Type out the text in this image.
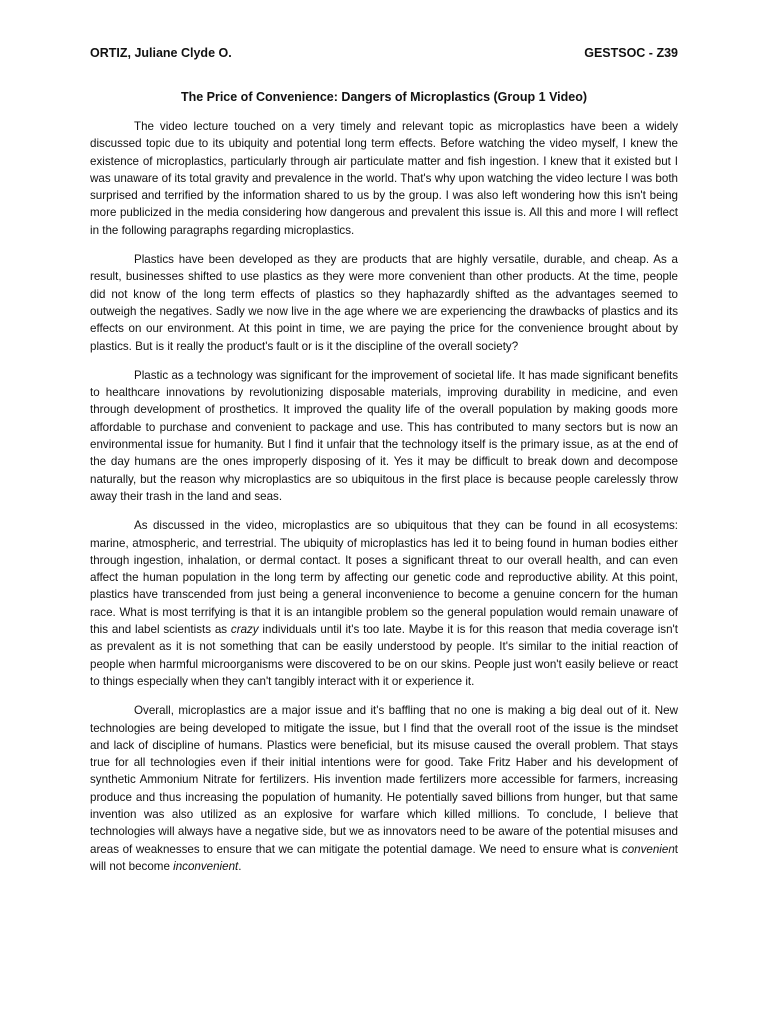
ORTIZ, Juliane Clyde O.	GESTSOC - Z39
The Price of Convenience: Dangers of Microplastics (Group 1 Video)

The video lecture touched on a very timely and relevant topic as microplastics have been a widely discussed topic due to its ubiquity and potential long term effects. Before watching the video myself, I knew the existence of microplastics, particularly through air particulate matter and fish ingestion. I knew that it existed but I was unaware of its total gravity and prevalence in the world. That's why upon watching the video lecture I was both surprised and terrified by the information shared to us by the group. I was also left wondering how this isn't being more publicized in the media considering how dangerous and prevalent this issue is. All this and more I will reflect in the following paragraphs regarding microplastics.

Plastics have been developed as they are products that are highly versatile, durable, and cheap. As a result, businesses shifted to use plastics as they were more convenient than other products. At the time, people did not know of the long term effects of plastics so they haphazardly shifted as the advantages seemed to outweigh the negatives. Sadly we now live in the age where we are experiencing the drawbacks of plastics and its effects on our environment. At this point in time, we are paying the price for the convenience brought about by plastics. But is it really the product's fault or is it the discipline of the overall society?

Plastic as a technology was significant for the improvement of societal life. It has made significant benefits to healthcare innovations by revolutionizing disposable materials, improving durability in medicine, and even through development of prosthetics. It improved the quality life of the overall population by making goods more affordable to purchase and convenient to package and use. This has contributed to many sectors but is now an environmental issue for humanity. But I find it unfair that the technology itself is the primary issue, as at the end of the day humans are the ones improperly disposing of it. Yes it may be difficult to break down and decompose naturally, but the reason why microplastics are so ubiquitous in the first place is because people carelessly throw away their trash in the land and seas.

As discussed in the video, microplastics are so ubiquitous that they can be found in all ecosystems: marine, atmospheric, and terrestrial. The ubiquity of microplastics has led it to being found in human bodies either through ingestion, inhalation, or dermal contact. It poses a significant threat to our overall health, and can even affect the human population in the long term by affecting our genetic code and reproductive ability. At this point, plastics have transcended from just being a general inconvenience to become a genuine concern for the human race. What is most terrifying is that it is an intangible problem so the general population would remain unaware of this and label scientists as crazy individuals until it's too late. Maybe it is for this reason that media coverage isn't as prevalent as it is not something that can be easily understood by people. It's similar to the initial reaction of people when harmful microorganisms were discovered to be on our skins. People just won't easily believe or react to things especially when they can't tangibly interact with it or experience it.

Overall, microplastics are a major issue and it's baffling that no one is making a big deal out of it. New technologies are being developed to mitigate the issue, but I find that the overall root of the issue is the mindset and lack of discipline of humans. Plastics were beneficial, but its misuse caused the overall problem. That stays true for all technologies even if their initial intentions were for good. Take Fritz Haber and his development of synthetic Ammonium Nitrate for fertilizers. His invention made fertilizers more accessible for farmers, increasing produce and thus increasing the population of humanity. He potentially saved billions from hunger, but that same invention was also utilized as an explosive for warfare which killed millions. To conclude, I believe that technologies will always have a negative side, but we as innovators need to be aware of the potential misuses and areas of weaknesses to ensure that we can mitigate the potential damage. We need to ensure what is convenient will not become inconvenient.
